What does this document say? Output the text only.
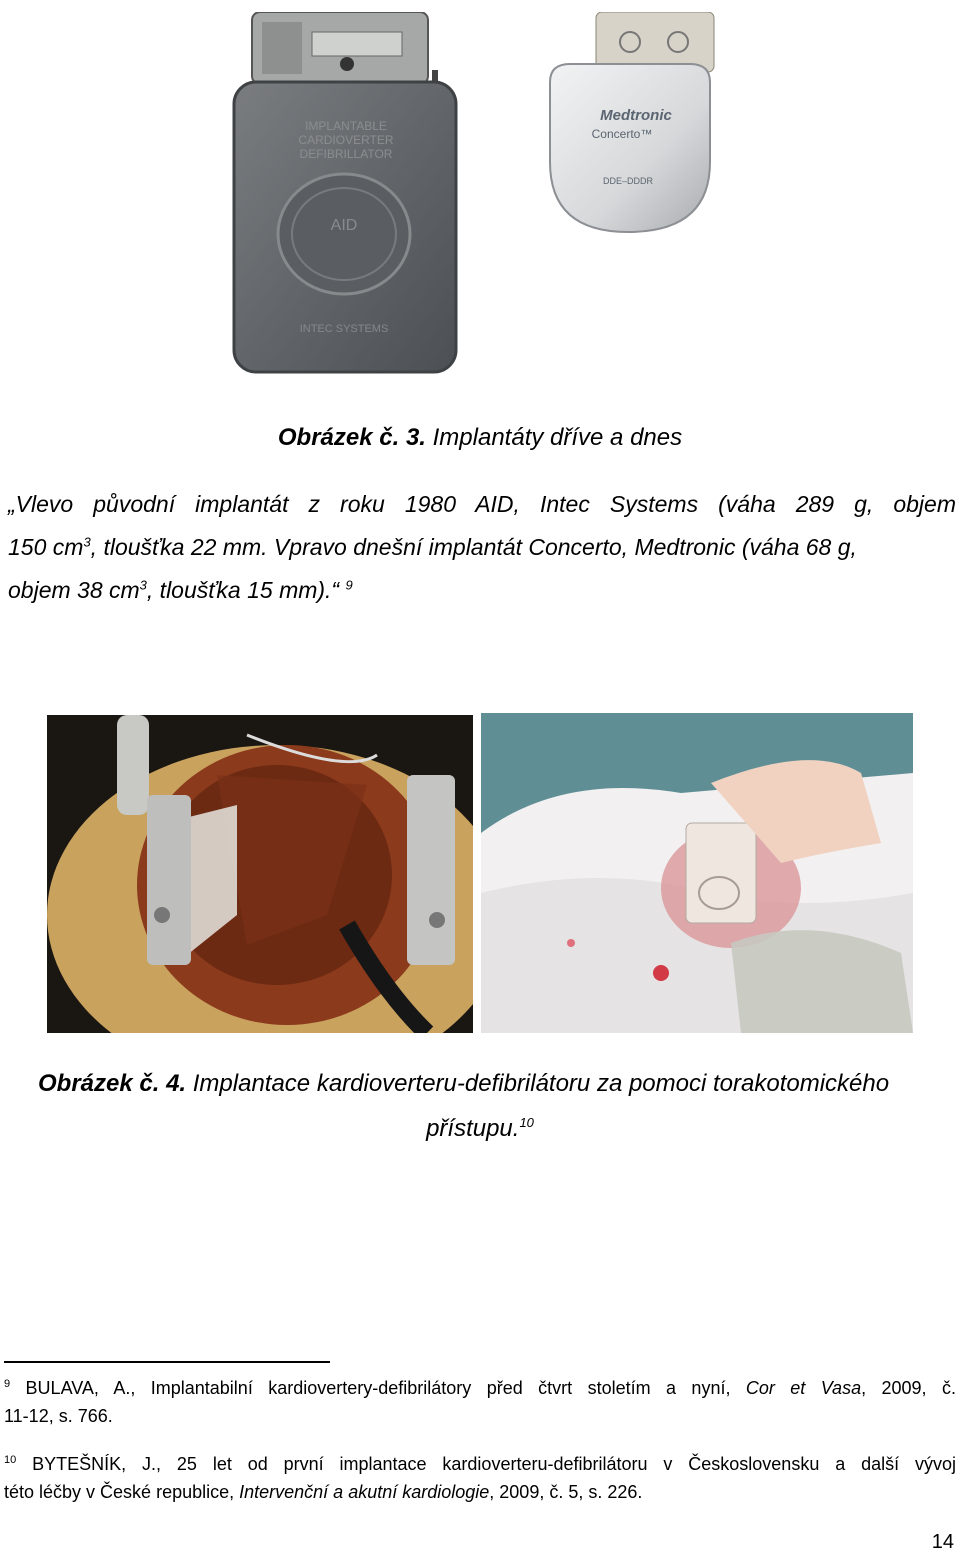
IMPLANTABLE
CARDIOVERTER
DEFIBRILLATOR
AID
INTEC SYSTEMS
Medtronic
Concerto™
DDE–DDDR
Obrázek č. 3. Implantáty dříve a dnes
„Vlevo původní implantát z roku 1980 AID, Intec Systems (váha 289 g, objem
150 $cm^3$, tloušťka 22 mm. Vpravo dnešní implantát Concerto, Medtronic (váha 68 g,
objem 38 $cm^3$, tloušťka 15 mm).“ $^9$
Obrázek č. 4. Implantace kardioverteru-defibrilátoru za pomoci torakotomického
přístupu.$^{10}$
$^9$ BULAVA, A., Implantabilní kardiovertery-defibrilátory před čtvrt stoletím a nyní, Cor et Vasa, 2009, č.
11-12, s. 766.
$^{10}$ BYTEŠNÍK, J., 25 let od první implantace kardioverteru-defibrilátoru v Československu a další vývoj
této léčby v České republice, Intervenční a akutní kardiologie, 2009, č. 5, s. 226.
14
